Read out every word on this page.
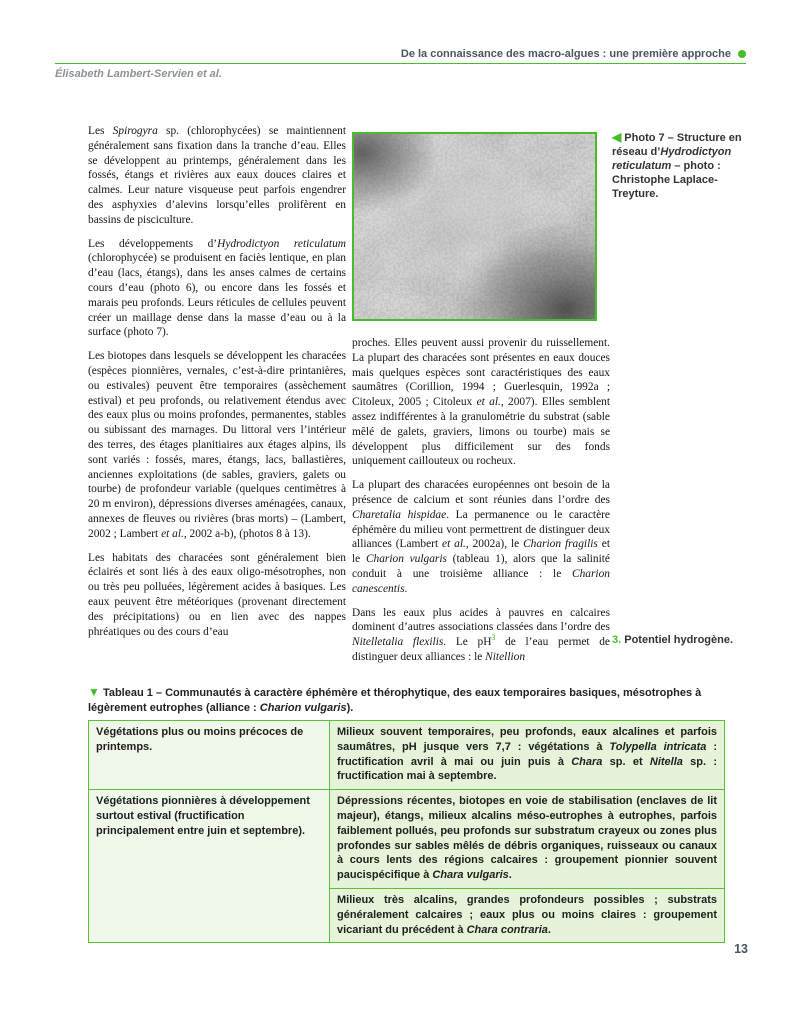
De la connaissance des macro-algues : une première approche
Élisabeth Lambert-Servien et al.

Les Spirogyra sp. (chlorophycées) se maintiennent généralement sans fixation dans la tranche d’eau. Elles se développent au printemps, généralement dans les fossés, étangs et rivières aux eaux douces claires et calmes. Leur nature visqueuse peut parfois engendrer des asphyxies d’alevins lorsqu’elles prolifèrent en bassins de pisciculture.

Les développements d’Hydrodictyon reticulatum (chlorophycée) se produisent en faciès lentique, en plan d’eau (lacs, étangs), dans les anses calmes de certains cours d’eau (photo 6), ou encore dans les fossés et marais peu profonds. Leurs réticules de cellules peuvent créer un maillage dense dans la masse d’eau ou à la surface (photo 7).

Les biotopes dans lesquels se développent les characées (espèces pionnières, vernales, c’est-à-dire printanières, ou estivales) peuvent être temporaires (assèchement estival) et peu profonds, ou relativement étendus avec des eaux plus ou moins profondes, permanentes, stables ou subissant des marnages. Du littoral vers l’intérieur des terres, des étages planitiaires aux étages alpins, ils sont variés : fossés, mares, étangs, lacs, ballastières, anciennes exploitations (de sables, graviers, galets ou tourbe) de profondeur variable (quelques centimètres à 20 m environ), dépressions diverses aménagées, canaux, annexes de fleuves ou rivières (bras morts) – (Lambert, 2002 ; Lambert et al., 2002 a-b), (photos 8 à 13).

Les habitats des characées sont généralement bien éclairés et sont liés à des eaux oligo-mésotrophes, non ou très peu polluées, légèrement acides à basiques. Les eaux peuvent être météoriques (provenant directement des précipitations) ou en lien avec des nappes phréatiques ou des cours d’eau

proches. Elles peuvent aussi provenir du ruissellement. La plupart des characées sont présentes en eaux douces mais quelques espèces sont caractéristiques des eaux saumâtres (Corillion, 1994 ; Guerlesquin, 1992a ; Citoleux, 2005 ; Citoleux et al., 2007). Elles semblent assez indifférentes à la granulométrie du substrat (sable mêlé de galets, graviers, limons ou tourbe) mais se développent plus difficilement sur des fonds uniquement caillouteux ou rocheux.

La plupart des characées européennes ont besoin de la présence de calcium et sont réunies dans l’ordre des Charetalia hispidae. La permanence ou le caractère éphémère du milieu vont permettrent de distinguer deux alliances (Lambert et al., 2002a), le Charion fragilis et le Charion vulgaris (tableau 1), alors que la salinité conduit à une troisième alliance : le Charion canescentis.

Dans les eaux plus acides à pauvres en calcaires dominent d’autres associations classées dans l’ordre des Nitelletalia flexilis. Le $pH^3$ de l’eau permet de distinguer deux alliances : le Nitellion

◀ Photo 7 – Structure en réseau d’Hydrodictyon reticulatum – photo : Christophe Laplace-Treyture.
3. Potentiel hydrogène.
▼ Tableau 1 – Communautés à caractère éphémère et thérophytique, des eaux temporaires basiques, mésotrophes à légèrement eutrophes (alliance : Charion vulgaris).
Végétations plus ou moins précoces de printemps.	Milieux souvent temporaires, peu profonds, eaux alcalines et parfois saumâtres, pH jusque vers 7,7 : végétations à Tolypella intricata : fructification avril à mai ou juin puis à Chara sp. et Nitella sp. : fructification mai à septembre.
Végétations pionnières à développement surtout estival (fructification principalement entre juin et septembre).	Dépressions récentes, biotopes en voie de stabilisation (enclaves de lit majeur), étangs, milieux alcalins méso-eutrophes à eutrophes, parfois faiblement pollués, peu profonds sur substratum crayeux ou zones plus profondes sur sables mêlés de débris organiques, ruisseaux ou canaux à cours lents des régions calcaires : groupement pionnier souvent paucispécifique à Chara vulgaris.
	Milieux très alcalins, grandes profondeurs possibles ; substrats généralement calcaires ; eaux plus ou moins claires : groupement vicariant du précédent à Chara contraria.
13
